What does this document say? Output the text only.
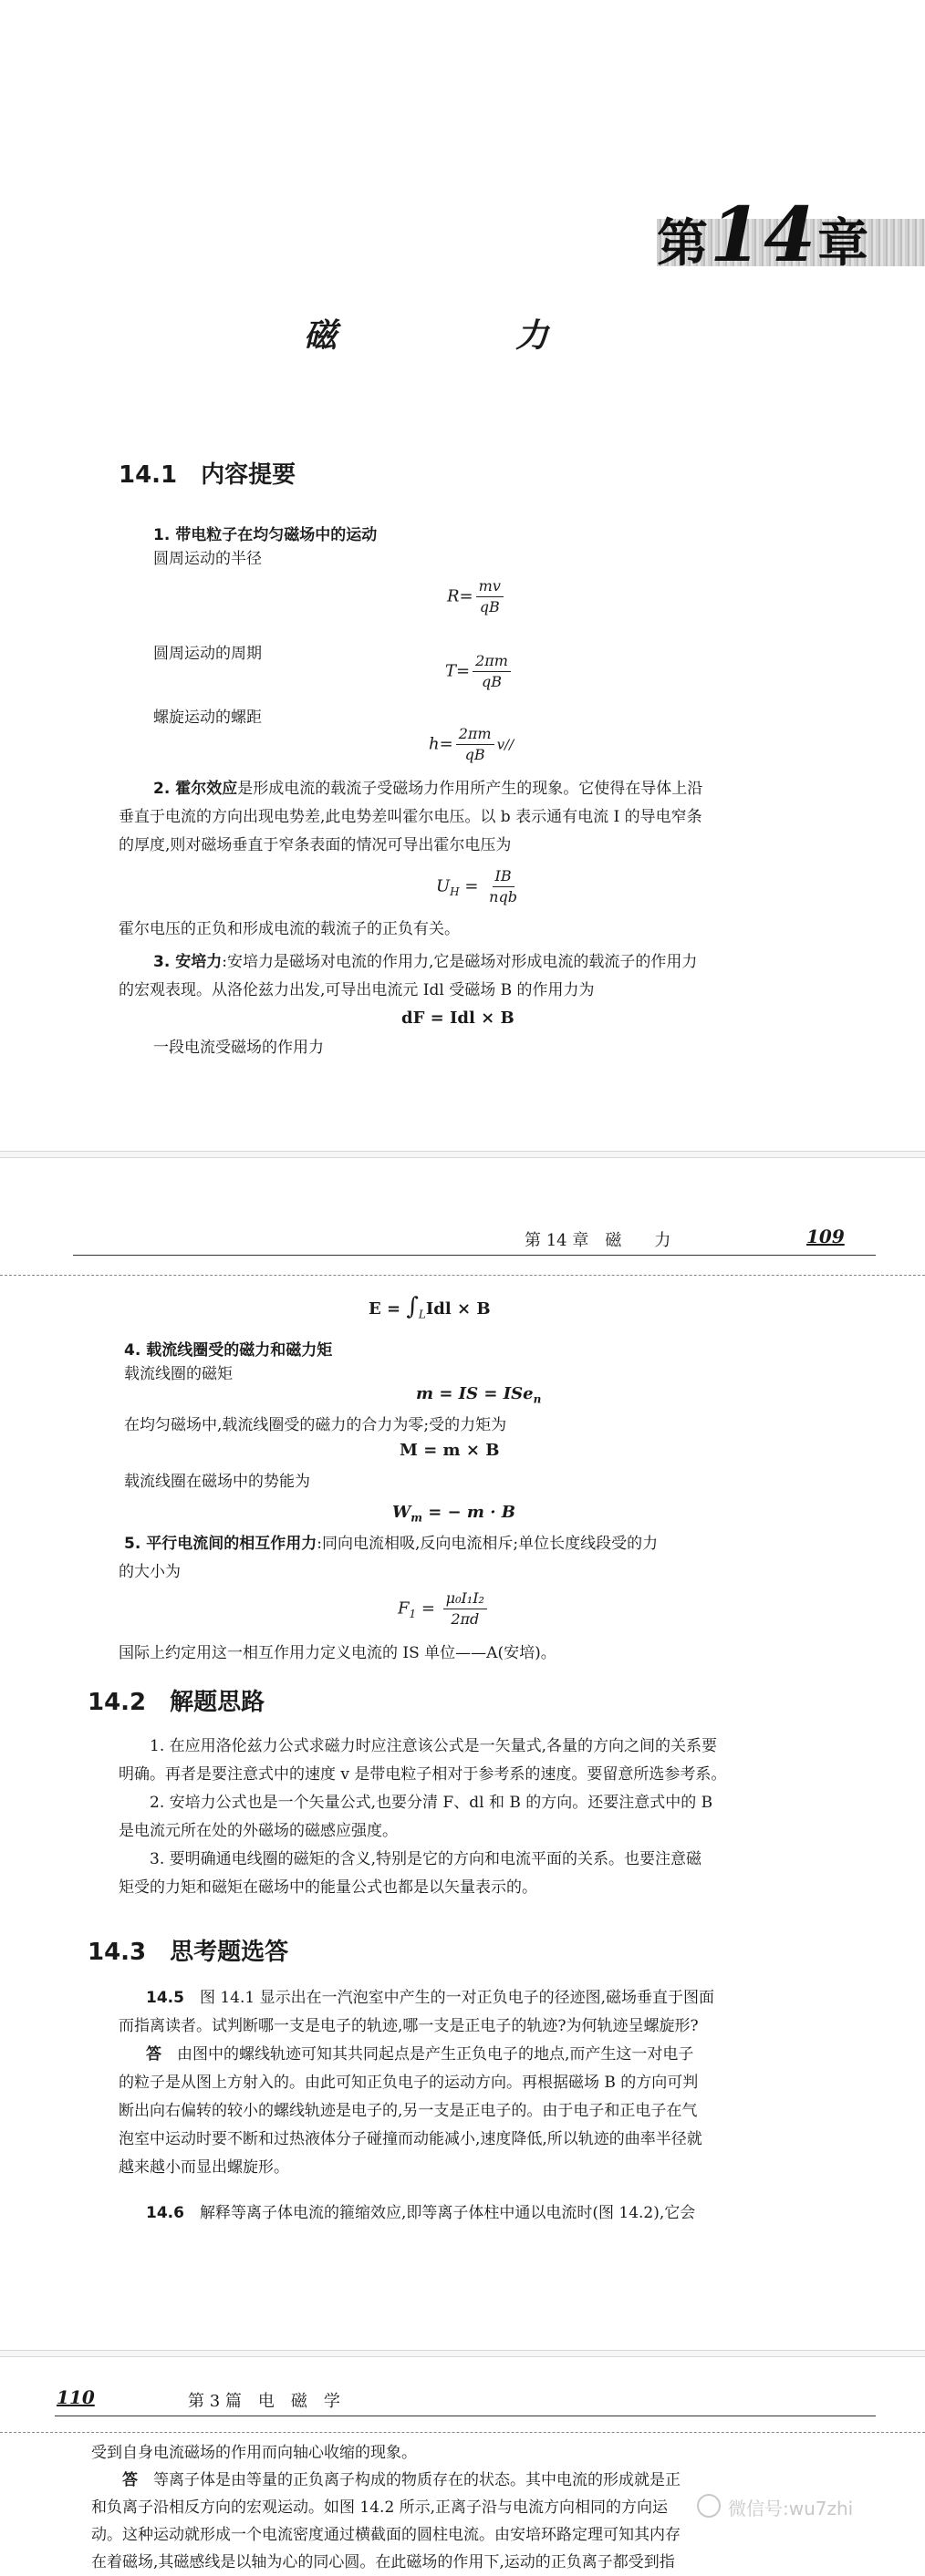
第14章
磁　力
14.1　内容提要
1. 带电粒子在均匀磁场中的运动
圆周运动的半径
$R= \frac{mv}{qB}$
圆周运动的周期
$T= \frac{2\pi m}{qB}$
螺旋运动的螺距
$h= \frac{2\pi m}{qB} v//$
2. 霍尔效应是形成电流的载流子受磁场力作用所产生的现象。它使得在导体上沿
垂直于电流的方向出现电势差,此电势差叫霍尔电压。以 b 表示通有电流 I 的导电窄条
的厚度,则对磁场垂直于窄条表面的情况可导出霍尔电压为
$U_H = \frac{IB}{\text{nqb}}$
霍尔电压的正负和形成电流的载流子的正负有关。
3. 安培力:安培力是磁场对电流的作用力,它是磁场对形成电流的载流子的作用力
的宏观表现。从洛伦兹力出发,可导出电流元 Idl 受磁场 B 的作用力为
dF = Idl × B
一段电流受磁场的作用力
第 14 章　磁　　力	109
$E = \int_LIdl \times B$
4. 载流线圈受的磁力和磁力矩
载流线圈的磁矩
m = IS = ISe$_n$
在均匀磁场中,载流线圈受的磁力的合力为零;受的力矩为
M = m × B
载流线圈在磁场中的势能为
$W_m$ = − m · B
5. 平行电流间的相互作用力:同向电流相吸,反向电流相斥;单位长度线段受的力
的大小为
$F_1 = \frac{\text{μ₀I₁I₂}}{2\pi d}$
国际上约定用这一相互作用力定义电流的 IS 单位——A(安培)。
14.2　解题思路
1. 在应用洛伦兹力公式求磁力时应注意该公式是一矢量式,各量的方向之间的关系要
明确。再者是要注意式中的速度 v 是带电粒子相对于参考系的速度。要留意所选参考系。
2. 安培力公式也是一个矢量公式,也要分清 F、dl 和 B 的方向。还要注意式中的 B
是电流元所在处的外磁场的磁感应强度。
3. 要明确通电线圈的磁矩的含义,特别是它的方向和电流平面的关系。也要注意磁
矩受的力矩和磁矩在磁场中的能量公式也都是以矢量表示的。
14.3　思考题选答
14.5　 图 14.1 显示出在一汽泡室中产生的一对正负电子的径迹图,磁场垂直于图面
而指离读者。试判断哪一支是电子的轨迹,哪一支是正电子的轨迹?为何轨迹呈螺旋形?
答　 由图中的螺线轨迹可知其共同起点是产生正负电子的地点,而产生这一对电子
的粒子是从图上方射入的。由此可知正负电子的运动方向。再根据磁场 B 的方向可判
断出向右偏转的较小的螺线轨迹是电子的,另一支是正电子的。由于电子和正电子在气
泡室中运动时要不断和过热液体分子碰撞而动能减小,速度降低,所以轨迹的曲率半径就
越来越小而显出螺旋形。
14.6　 解释等离子体电流的箍缩效应,即等离子体柱中通以电流时(图 14.2),它会
110	第 3 篇　电　磁　学
受到自身电流磁场的作用而向轴心收缩的现象。
答　 等离子体是由等量的正负离子构成的物质存在的状态。其中电流的形成就是正
和负离子沿相反方向的宏观运动。如图 14.2 所示,正离子沿与电流方向相同的方向运
动。这种运动就形成一个电流密度通过横截面的圆柱电流。由安培环路定理可知其内存
在着磁场,其磁感线是以轴为心的同心圆。在此磁场的作用下,运动的正负离子都受到指
微信号:wu7zhi
